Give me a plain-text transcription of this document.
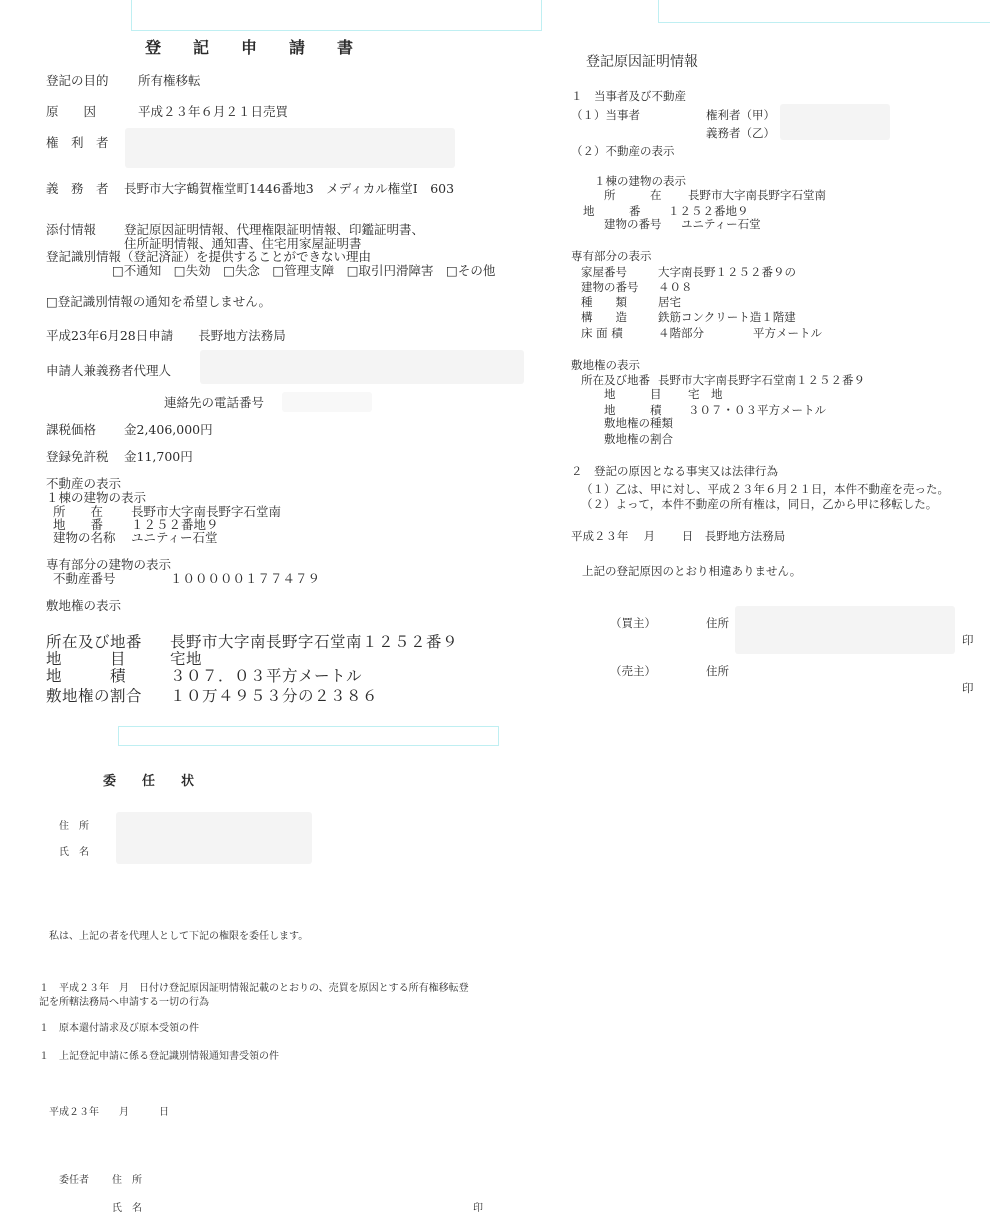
登　記　申　請　書
登記の目的 所有権移転
原　　因	平成２３年６月２１日売買
権　利　者
義　務　者 長野市大字鶴賀権堂町1446番地3　メディカル権堂Ⅰ　603
添付情報 登記原因証明情報、代理権限証明情報、印鑑証明書、
住所証明情報、通知書、住宅用家屋証明書
登記識別情報（登記済証）を提供することができない理由
□不通知　□失効　□失念　□管理支障　□取引円滑障害　□その他
□登記識別情報の通知を希望しません。
平成23年6月28日申請　　長野地方法務局
申請人兼義務者代理人
連絡先の電話番号
課税価格 金2,406,000円
登録免許税 金11,700円
不動産の表示
１棟の建物の表示
所　　在 長野市大字南長野字石堂南
地　　番 １２５２番地９
建物の名称 ユニティー石堂
専有部分の建物の表示
不動産番号	１０００００１７７４７９
敷地権の表示
所在及び地番 長野市大字南長野字石堂南１２５２番９
地　　　目	宅地
地　　　積	３０７．０３平方メートル
敷地権の割合 １０万４９５３分の２３８６
委　　任　　状
住　所
氏　名
私は、上記の者を代理人として下記の権限を委任します。
１　平成２３年　月　日付け登記原因証明情報記載のとおりの、売買を原因とする所有権移転登
記を所轄法務局へ申請する一切の行為
１　原本還付請求及び原本受領の件
１　上記登記申請に係る登記識別情報通知書受領の件
平成２３年　　月　　　日
委任者 住　所
氏　名	印
登記原因証明情報
１　当事者及び不動産
（１）当事者	権利者（甲）
義務者（乙）
（２）不動産の表示
１棟の建物の表示
所　　　在 長野市大字南長野字石堂南
地　　　番 １２５２番地９
建物の番号 ユニティー石堂
専有部分の表示
家屋番号	大字南長野１２５２番９の
建物の番号 ４０８
種　　類	居宅
構　　造	鉄筋コンクリート造１階建
床 面 積	４階部分	平方メートル
敷地権の表示
所在及び地番 長野市大字南長野字石堂南１２５２番９
地　　　目 宅　地
地　　　積 ３０７・０３平方メートル
敷地権の種類
敷地権の割合
２　登記の原因となる事実又は法律行為
（１）乙は、甲に対し、平成２３年６月２１日，本件不動産を売った。
（２）よって，本件不動産の所有権は，同日，乙から甲に移転した。
平成２３年　 月　　 日　長野地方法務局
上記の登記原因のとおり相違ありません。
（買主）	住所
印
（売主）	住所
印
